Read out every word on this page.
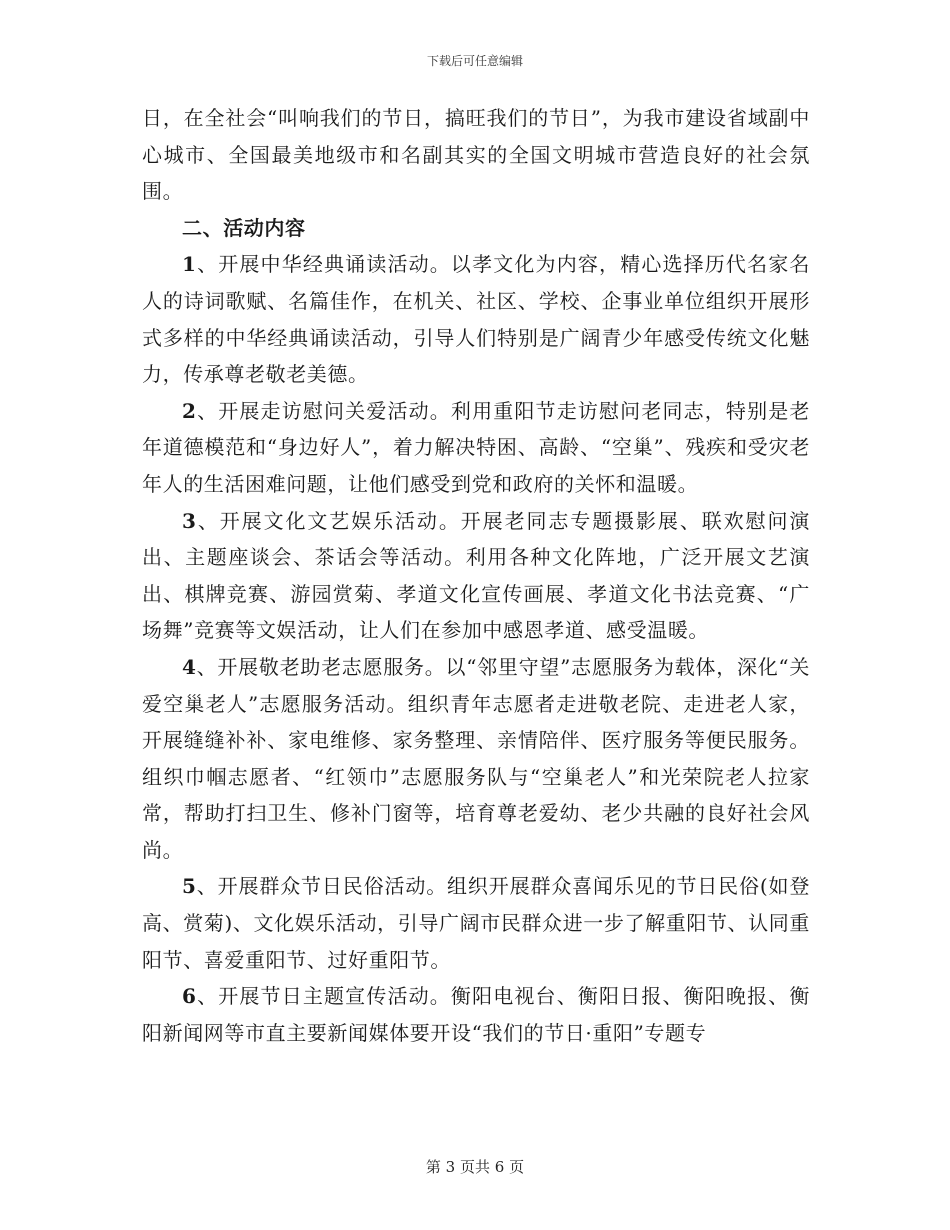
下载后可任意编辑

日，在全社会“叫响我们的节日，搞旺我们的节日”，为我市建设省域副中心城市、全国最美地级市和名副其实的全国文明城市营造良好的社会氛围。

二、活动内容

1、开展中华经典诵读活动。以孝文化为内容，精心选择历代名家名人的诗词歌赋、名篇佳作，在机关、社区、学校、企事业单位组织开展形式多样的中华经典诵读活动，引导人们特别是广阔青少年感受传统文化魅力，传承尊老敬老美德。

2、开展走访慰问关爱活动。利用重阳节走访慰问老同志，特别是老年道德模范和“身边好人”，着力解决特困、高龄、“空巢”、残疾和受灾老年人的生活困难问题，让他们感受到党和政府的关怀和温暖。

3、开展文化文艺娱乐活动。开展老同志专题摄影展、联欢慰问演出、主题座谈会、茶话会等活动。利用各种文化阵地，广泛开展文艺演出、棋牌竞赛、游园赏菊、孝道文化宣传画展、孝道文化书法竞赛、“广场舞”竞赛等文娱活动，让人们在参加中感恩孝道、感受温暖。

4、开展敬老助老志愿服务。以“邻里守望”志愿服务为载体，深化“关爱空巢老人”志愿服务活动。组织青年志愿者走进敬老院、走进老人家，开展缝缝补补、家电维修、家务整理、亲情陪伴、医疗服务等便民服务。组织巾帼志愿者、“红领巾”志愿服务队与“空巢老人”和光荣院老人拉家常，帮助打扫卫生、修补门窗等，培育尊老爱幼、老少共融的良好社会风尚。

5、开展群众节日民俗活动。组织开展群众喜闻乐见的节日民俗(如登高、赏菊)、文化娱乐活动，引导广阔市民群众进一步了解重阳节、认同重阳节、喜爱重阳节、过好重阳节。

6、开展节日主题宣传活动。衡阳电视台、衡阳日报、衡阳晚报、衡阳新闻网等市直主要新闻媒体要开设“我们的节日·重阳”专题专

第 3 页共 6 页
